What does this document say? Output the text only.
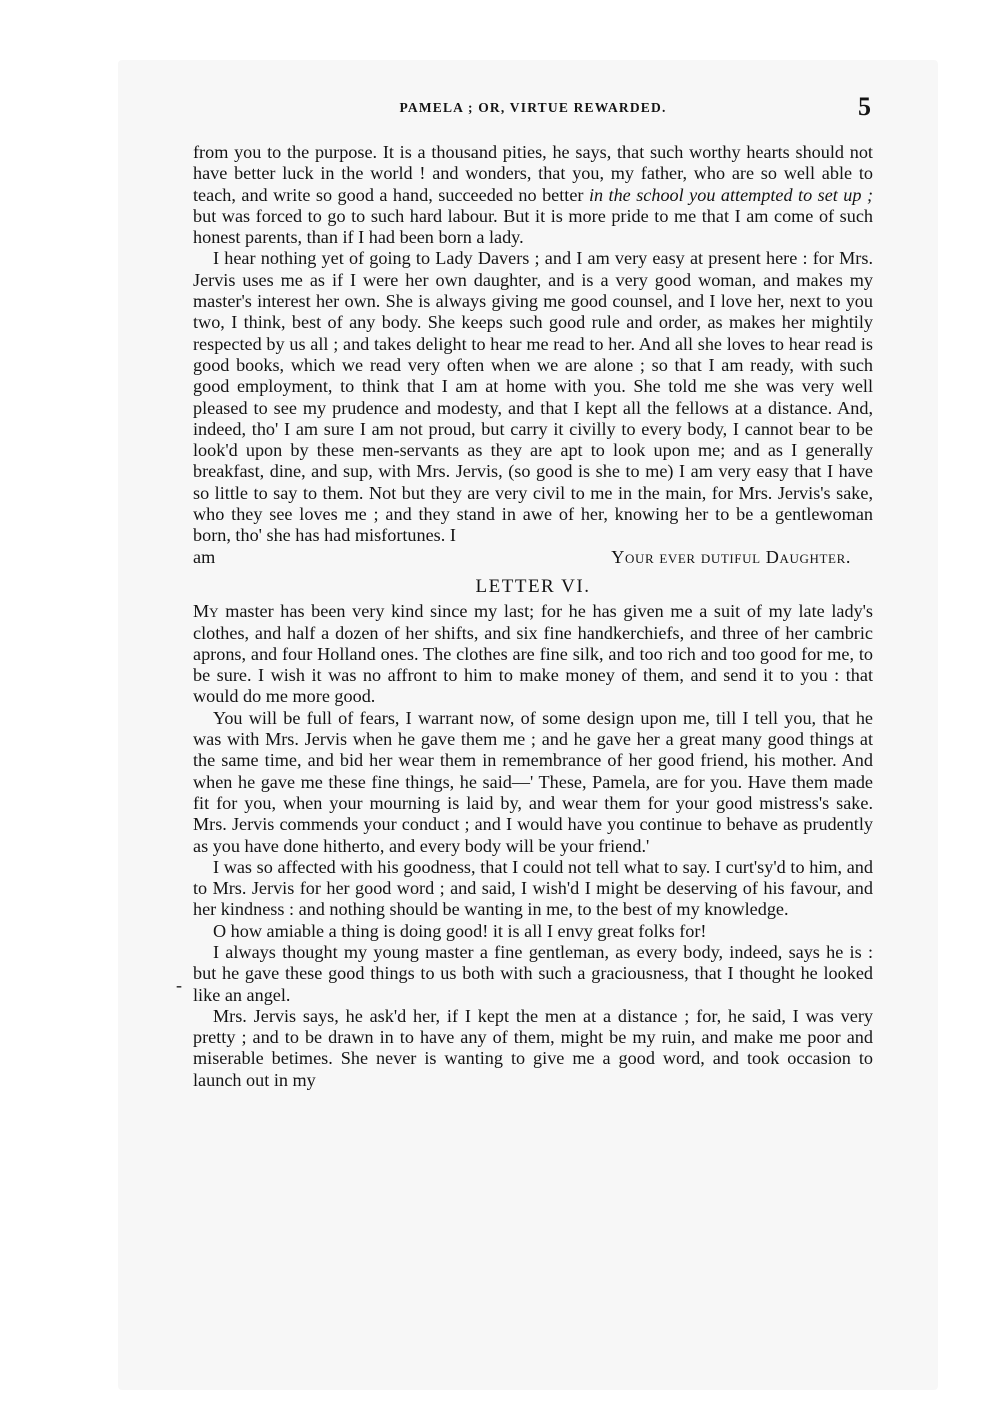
PAMELA ; OR, VIRTUE REWARDED.	5
-

from you to the purpose. It is a thousand pities, he says, that such worthy hearts should not have better luck in the world ! and wonders, that you, my father, who are so well able to teach, and write so good a hand, succeeded no better in the school you attempted to set up ; but was forced to go to such hard labour. But it is more pride to me that I am come of such honest parents, than if I had been born a lady.

I hear nothing yet of going to Lady Davers ; and I am very easy at present here : for Mrs. Jervis uses me as if I were her own daughter, and is a very good woman, and makes my master's interest her own. She is always giving me good counsel, and I love her, next to you two, I think, best of any body. She keeps such good rule and order, as makes her mightily respected by us all ; and takes delight to hear me read to her. And all she loves to hear read is good books, which we read very often when we are alone ; so that I am ready, with such good employment, to think that I am at home with you. She told me she was very well pleased to see my prudence and modesty, and that I kept all the fellows at a distance. And, indeed, tho' I am sure I am not proud, but carry it civilly to every body, I cannot bear to be look'd upon by these men-servants as they are apt to look upon me; and as I generally breakfast, dine, and sup, with Mrs. Jervis, (so good is she to me) I am very easy that I have so little to say to them. Not but they are very civil to me in the main, for Mrs. Jervis's sake, who they see loves me ; and they stand in awe of her, knowing her to be a gentlewoman born, tho' she has had misfortunes. I

am	Your ever dutiful Daughter.
LETTER VI.

My master has been very kind since my last; for he has given me a suit of my late lady's clothes, and half a dozen of her shifts, and six fine handkerchiefs, and three of her cambric aprons, and four Holland ones. The clothes are fine silk, and too rich and too good for me, to be sure. I wish it was no affront to him to make money of them, and send it to you : that would do me more good.

You will be full of fears, I warrant now, of some design upon me, till I tell you, that he was with Mrs. Jervis when he gave them me ; and he gave her a great many good things at the same time, and bid her wear them in remembrance of her good friend, his mother. And when he gave me these fine things, he said—' These, Pamela, are for you. Have them made fit for you, when your mourning is laid by, and wear them for your good mistress's sake. Mrs. Jervis commends your conduct ; and I would have you continue to behave as prudently as you have done hitherto, and every body will be your friend.'

I was so affected with his goodness, that I could not tell what to say. I curt'sy'd to him, and to Mrs. Jervis for her good word ; and said, I wish'd I might be deserving of his favour, and her kindness : and nothing should be wanting in me, to the best of my knowledge.

O how amiable a thing is doing good! it is all I envy great folks for!

I always thought my young master a fine gentleman, as every body, indeed, says he is : but he gave these good things to us both with such a graciousness, that I thought he looked like an angel.

Mrs. Jervis says, he ask'd her, if I kept the men at a distance ; for, he said, I was very pretty ; and to be drawn in to have any of them, might be my ruin, and make me poor and miserable betimes. She never is wanting to give me a good word, and took occasion to launch out in my
